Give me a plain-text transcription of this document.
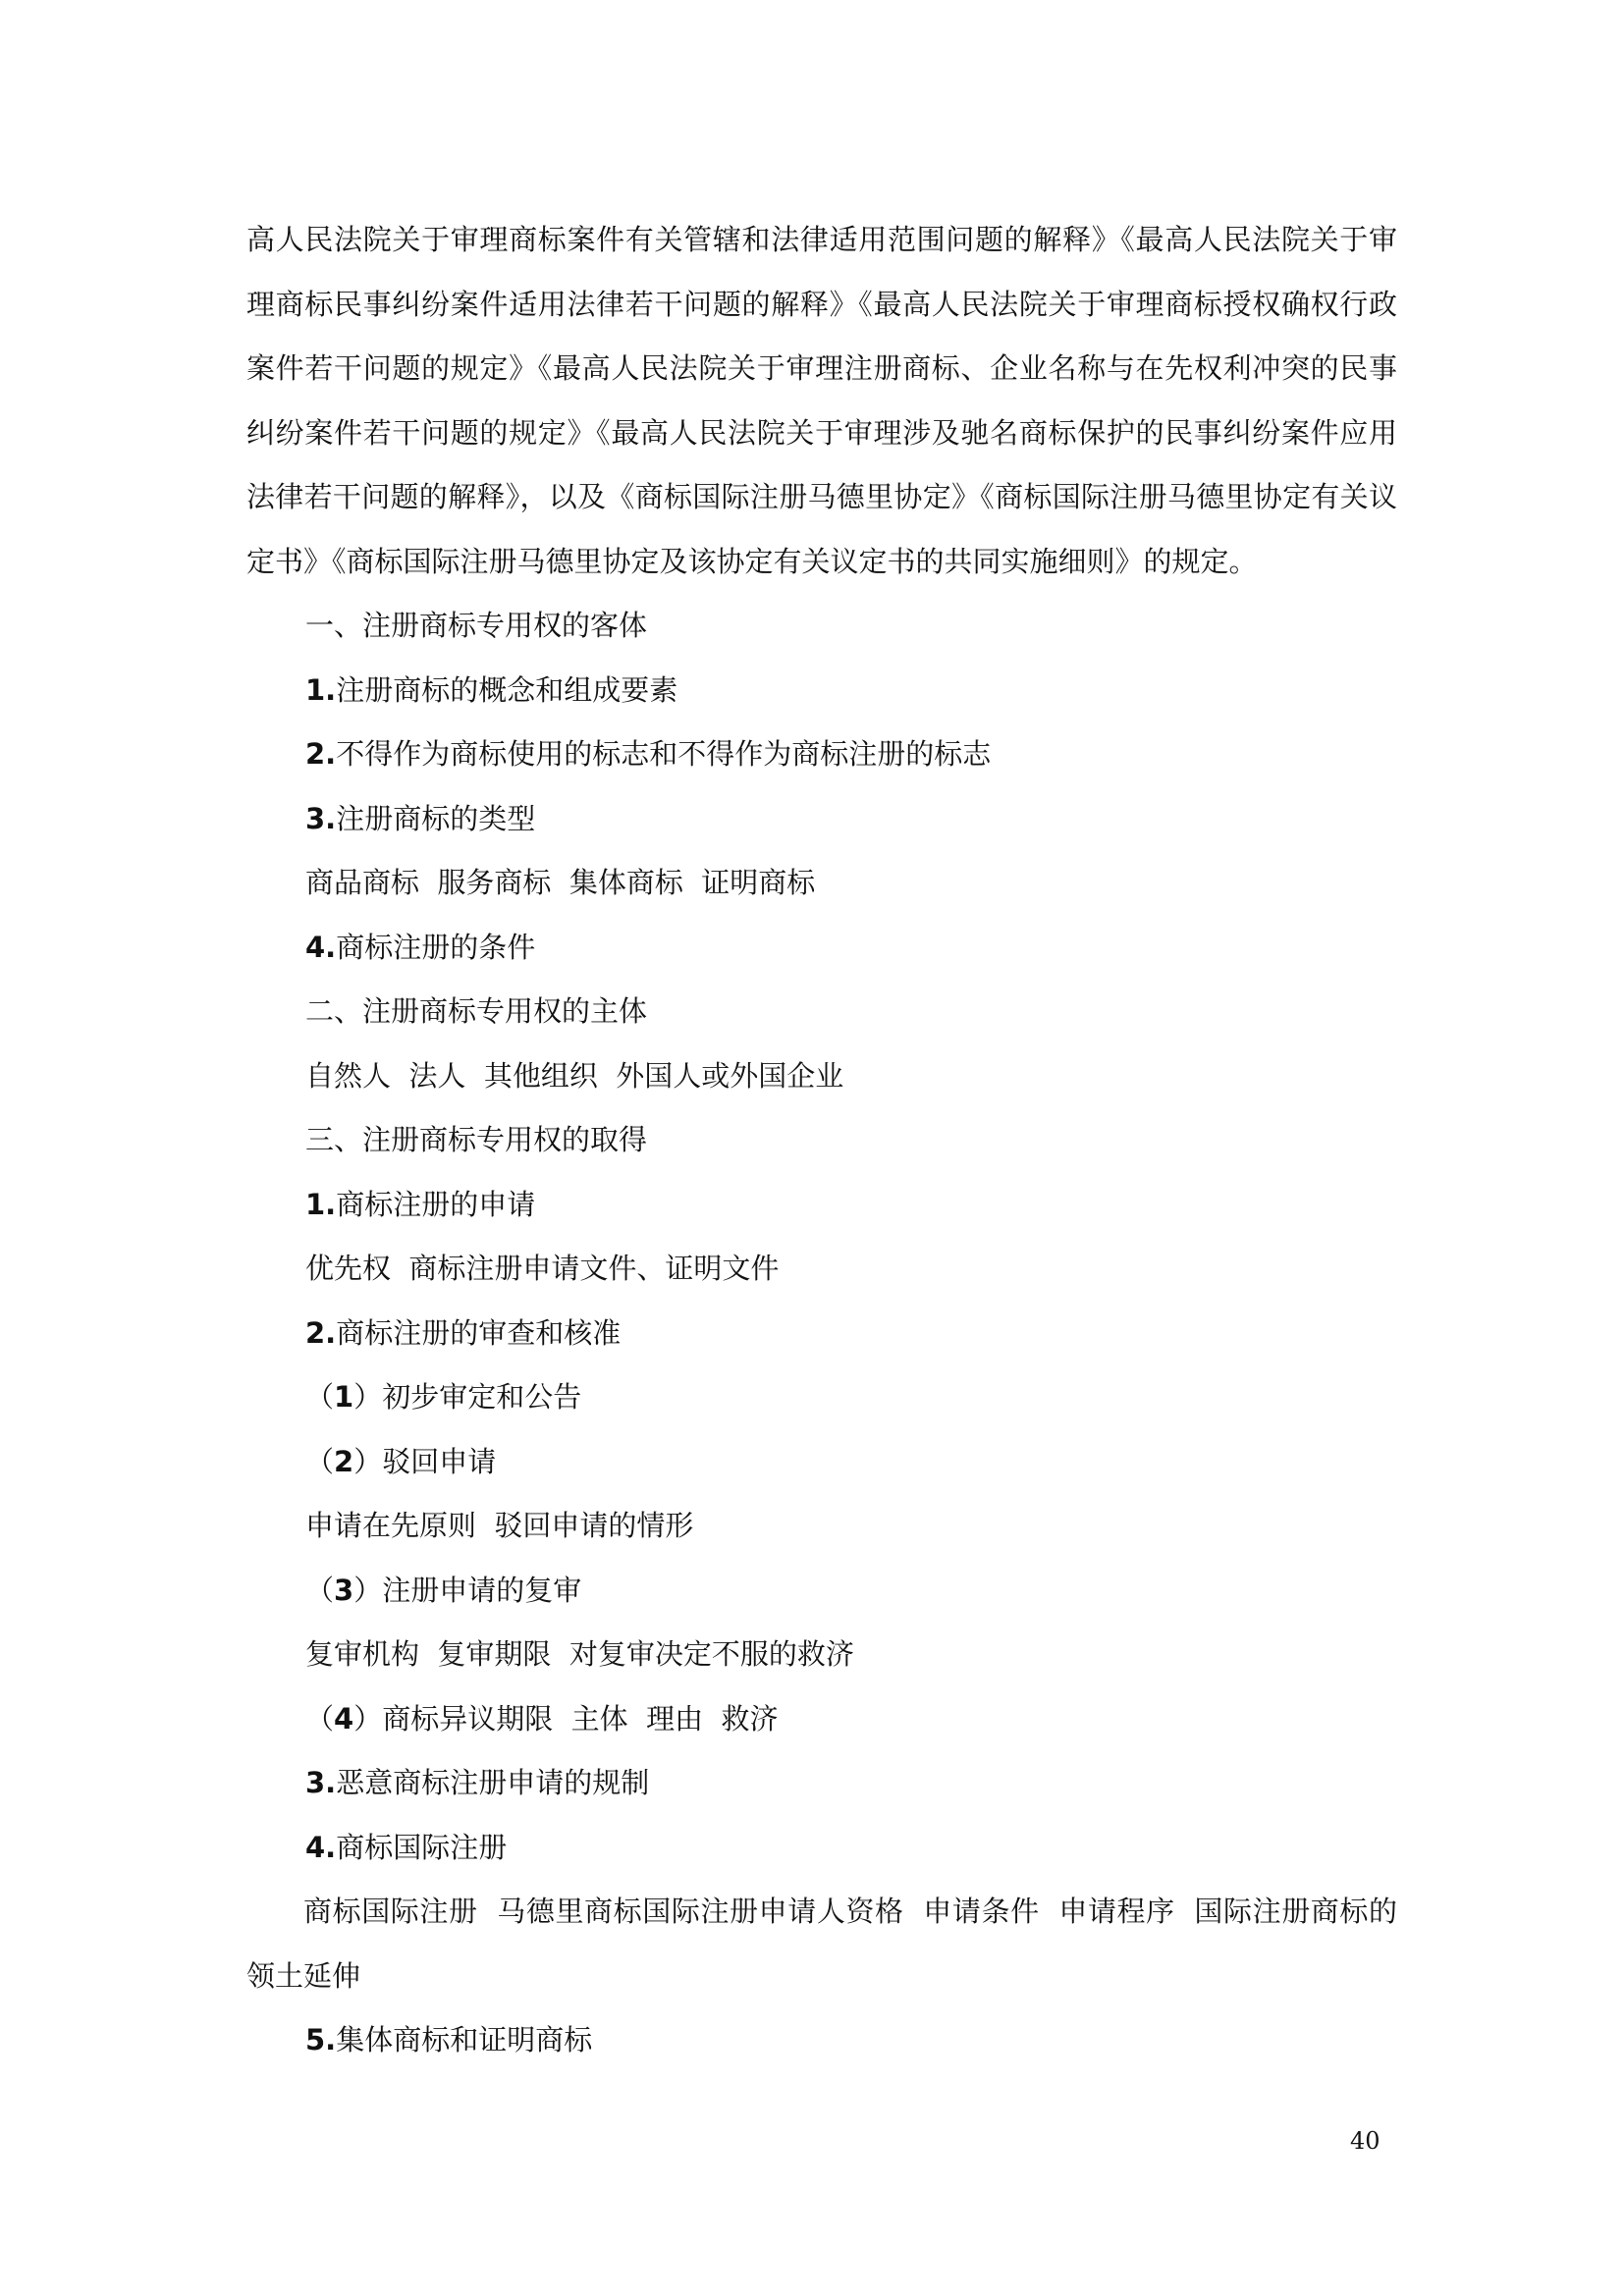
高人民法院关于审理商标案件有关管辖和法律适用范围问题的解释》《最高人民法院关于审理商标民事纠纷案件适用法律若干问题的解释》《最高人民法院关于审理商标授权确权行政案件若干问题的规定》《最高人民法院关于审理注册商标、企业名称与在先权利冲突的民事纠纷案件若干问题的规定》《最高人民法院关于审理涉及驰名商标保护的民事纠纷案件应用法律若干问题的解释》，以及《商标国际注册马德里协定》《商标国际注册马德里协定有关议定书》《商标国际注册马德里协定及该协定有关议定书的共同实施细则》的规定。

一、注册商标专用权的客体

1.注册商标的概念和组成要素

2.不得作为商标使用的标志和不得作为商标注册的标志

3.注册商标的类型

商品商标  服务商标  集体商标  证明商标

4.商标注册的条件

二、注册商标专用权的主体

自然人  法人  其他组织  外国人或外国企业

三、注册商标专用权的取得

1.商标注册的申请

优先权  商标注册申请文件、证明文件

2.商标注册的审查和核准

（1）初步审定和公告

（2）驳回申请

申请在先原则  驳回申请的情形

（3）注册申请的复审

复审机构  复审期限  对复审决定不服的救济

（4）商标异议期限  主体  理由  救济

3.恶意商标注册申请的规制

4.商标国际注册

商标国际注册  马德里商标国际注册申请人资格  申请条件  申请程序  国际注册商标的领土延伸

5.集体商标和证明商标

40
